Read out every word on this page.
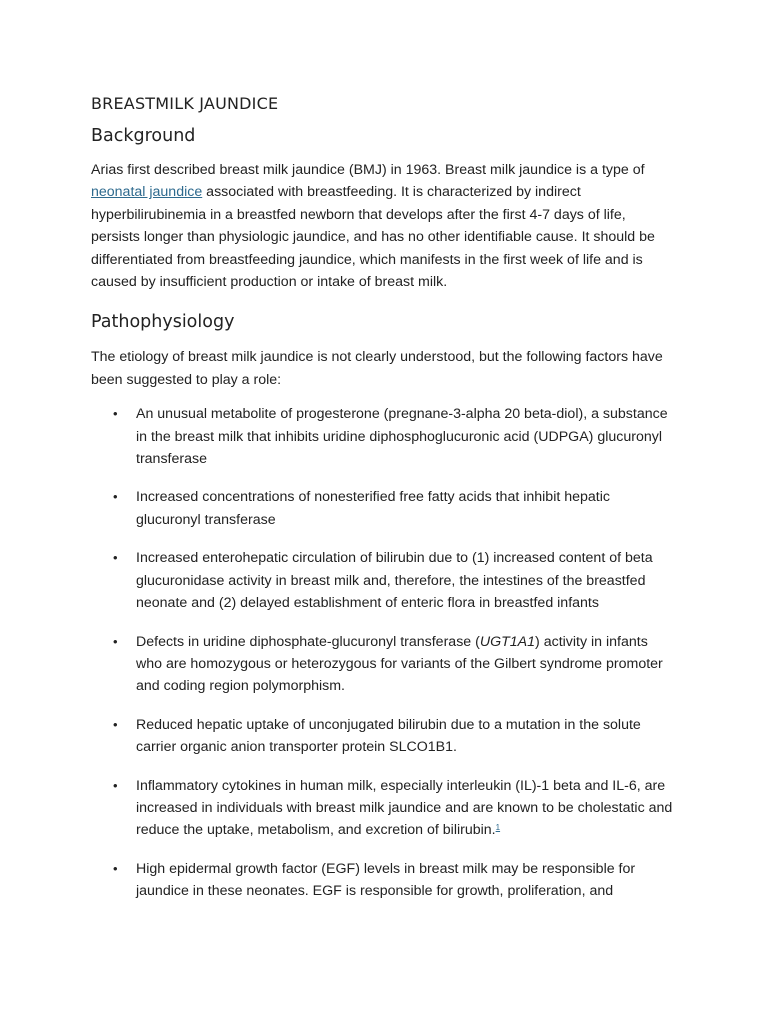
BREASTMILK JAUNDICE
Background

Arias first described breast milk jaundice (BMJ) in 1963. Breast milk jaundice is a type of neonatal jaundice associated with breastfeeding. It is characterized by indirect hyperbilirubinemia in a breastfed newborn that develops after the first 4-7 days of life, persists longer than physiologic jaundice, and has no other identifiable cause. It should be differentiated from breastfeeding jaundice, which manifests in the first week of life and is caused by insufficient production or intake of breast milk.

Pathophysiology

The etiology of breast milk jaundice is not clearly understood, but the following factors have been suggested to play a role:

• An unusual metabolite of progesterone (pregnane-3-alpha 20 beta-diol), a substance in the breast milk that inhibits uridine diphosphoglucuronic acid (UDPGA) glucuronyl transferase
• Increased concentrations of nonesterified free fatty acids that inhibit hepatic glucuronyl transferase
• Increased enterohepatic circulation of bilirubin due to (1) increased content of beta glucuronidase activity in breast milk and, therefore, the intestines of the breastfed neonate and (2) delayed establishment of enteric flora in breastfed infants
• Defects in uridine diphosphate-glucuronyl transferase (UGT1A1) activity in infants who are homozygous or heterozygous for variants of the Gilbert syndrome promoter and coding region polymorphism.
• Reduced hepatic uptake of unconjugated bilirubin due to a mutation in the solute carrier organic anion transporter protein SLCO1B1.
• Inflammatory cytokines in human milk, especially interleukin (IL)-1 beta and IL-6, are increased in individuals with breast milk jaundice and are known to be cholestatic and reduce the uptake, metabolism, and excretion of bilirubin.$^1$
• High epidermal growth factor (EGF) levels in breast milk may be responsible for jaundice in these neonates. EGF is responsible for growth, proliferation, and
